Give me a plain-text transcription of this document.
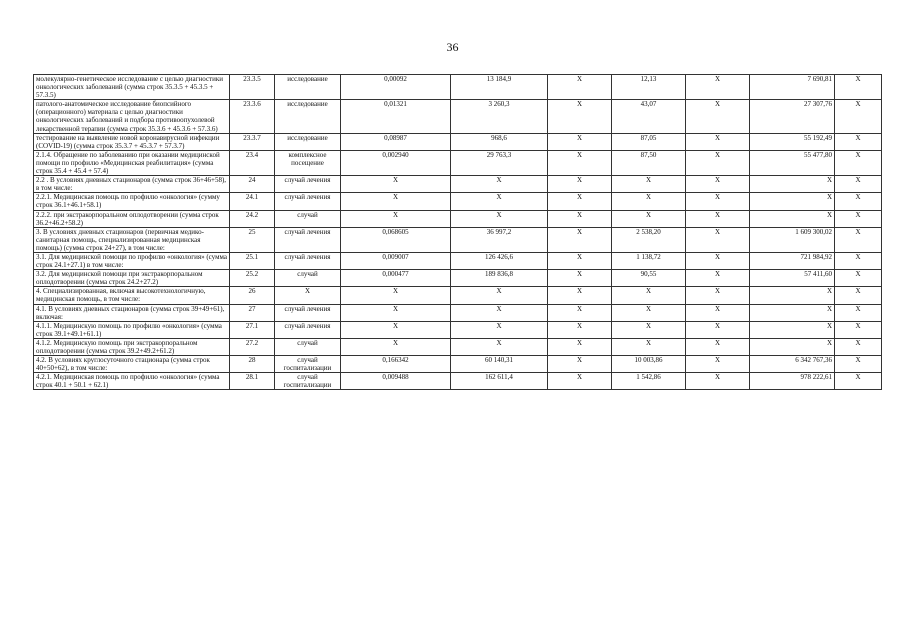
36
молекулярно-генетическое исследование с целью диагностики онкологических заболеваний (сумма строк 35.3.5 + 45.3.5 + 57.3.5)	23.3.5	исследование	0,00092	13 184,9	X	12,13	X	7 690,81	X
патолого-анатомическое исследование биопсийного (операционного) материала с целью диагностики онкологических заболеваний и подбора противоопухолевой лекарственной терапии (сумма строк 35.3.6 + 45.3.6 + 57.3.6)	23.3.6	исследование	0,01321	3 260,3	X	43,07	X	27 307,76	X
тестирование на выявление новой коронавирусной инфекции (COVID-19) (сумма строк 35.3.7 + 45.3.7 + 57.3.7)	23.3.7	исследование	0,08987	968,6	X	87,05	X	55 192,49	X
2.1.4. Обращение по заболеванию при оказании медицинской помощи по профилю «Медицинская реабилитация» (сумма строк 35.4 + 45.4 + 57.4)	23.4	комплексное посещение	0,002940	29 763,3	X	87,50	X	55 477,80	X
2.2 . В условиях дневных стационаров (сумма строк 36+46+58), в том числе:	24	случай лечения	X	X	X	X	X	X	X
2.2.1. Медицинская помощь по профилю «онкология» (сумму строк 36.1+46.1+58.1)	24.1	случай лечения	X	X	X	X	X	X	X
2.2.2. при экстракорпоральном оплодотворении (сумма строк 36.2+46.2+58.2)	24.2	случай	X	X	X	X	X	X	X
3. В условиях дневных стационаров (первичная медико-санитарная помощь, специализированная медицинская помощь) (сумма строк 24+27), в том числе:	25	случай лечения	0,068605	36 997,2	X	2 538,20	X	1 609 300,02	X
3.1. Для медицинской помощи по профилю «онкология» (сумма строк 24.1+27.1) в том числе:	25.1	случай лечения	0,009007	126 426,6	X	1 138,72	X	721 984,92	X
3.2. Для медицинской помощи при экстракорпоральном оплодотворении (сумма строк 24.2+27.2)	25.2	случай	0,000477	189 836,8	X	90,55	X	57 411,60	X
4. Специализированная, включая высокотехнологичную, медицинская помощь, в том числе:	26	X	X	X	X	X	X	X	X
4.1. В условиях дневных стационаров (сумма строк 39+49+61), включая:	27	случай лечения	X	X	X	X	X	X	X
4.1.1. Медицинскую помощь по профилю «онкология» (сумма строк 39.1+49.1+61.1)	27.1	случай лечения	X	X	X	X	X	X	X
4.1.2. Медицинскую помощь при экстракорпоральном оплодотворении (сумма строк 39.2+49.2+61.2)	27.2	случай	X	X	X	X	X	X	X
4.2. В условиях круглосуточного стационара (сумма строк 40+50+62), в том числе:	28	случай госпитализации	0,166342	60 140,31	X	10 003,86	X	6 342 767,36	X
4.2.1. Медицинская помощь по профилю «онкология» (сумма строк 40.1 + 50.1 + 62.1)	28.1	случай госпитализации	0,009488	162 611,4	X	1 542,86	X	978 222,61	X
